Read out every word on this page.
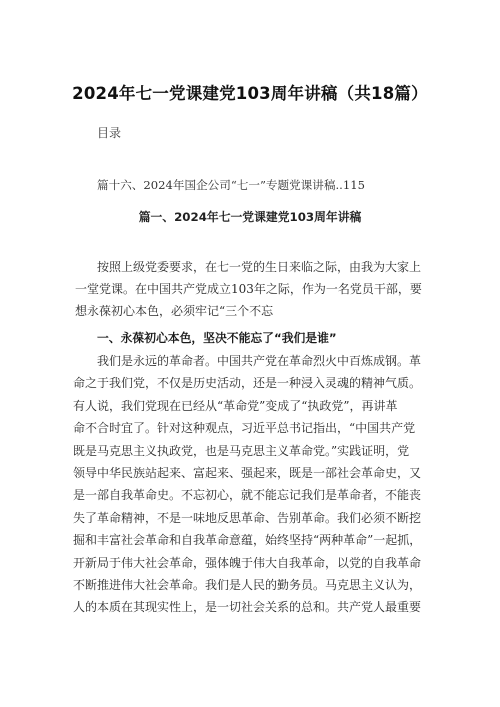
2024年七一党课建党103周年讲稿（共18篇）
目录
篇十六、2024年国企公司“七一”专题党课讲稿..115
篇一、2024年七一党课建党103周年讲稿
按照上级党委要求，在七一党的生日来临之际，由我为大家上
一堂党课。在中国共产党成立103年之际，作为一名党员干部，要
想永葆初心本色，必须牢记“三个不忘
一、永葆初心本色，坚决不能忘了“我们是谁”
我们是永远的革命者。中国共产党在革命烈火中百炼成钢。革
命之于我们党，不仅是历史活动，还是一种浸入灵魂的精神气质。
有人说，我们党现在已经从“革命党”变成了“执政党”，再讲革
命不合时宜了。针对这种观点，习近平总书记指出，“中国共产党
既是马克思主义执政党，也是马克思主义革命党。”实践证明，党
领导中华民族站起来、富起来、强起来，既是一部社会革命史，又
是一部自我革命史。不忘初心，就不能忘记我们是革命者，不能丧
失了革命精神，不是一味地反思革命、告别革命。我们必须不断挖
掘和丰富社会革命和自我革命意蕴，始终坚持“两种革命”一起抓，
开新局于伟大社会革命，强体魄于伟大自我革命，以党的自我革命
不断推进伟大社会革命。我们是人民的勤务员。马克思主义认为，
人的本质在其现实性上，是一切社会关系的总和。共产党人最重要
